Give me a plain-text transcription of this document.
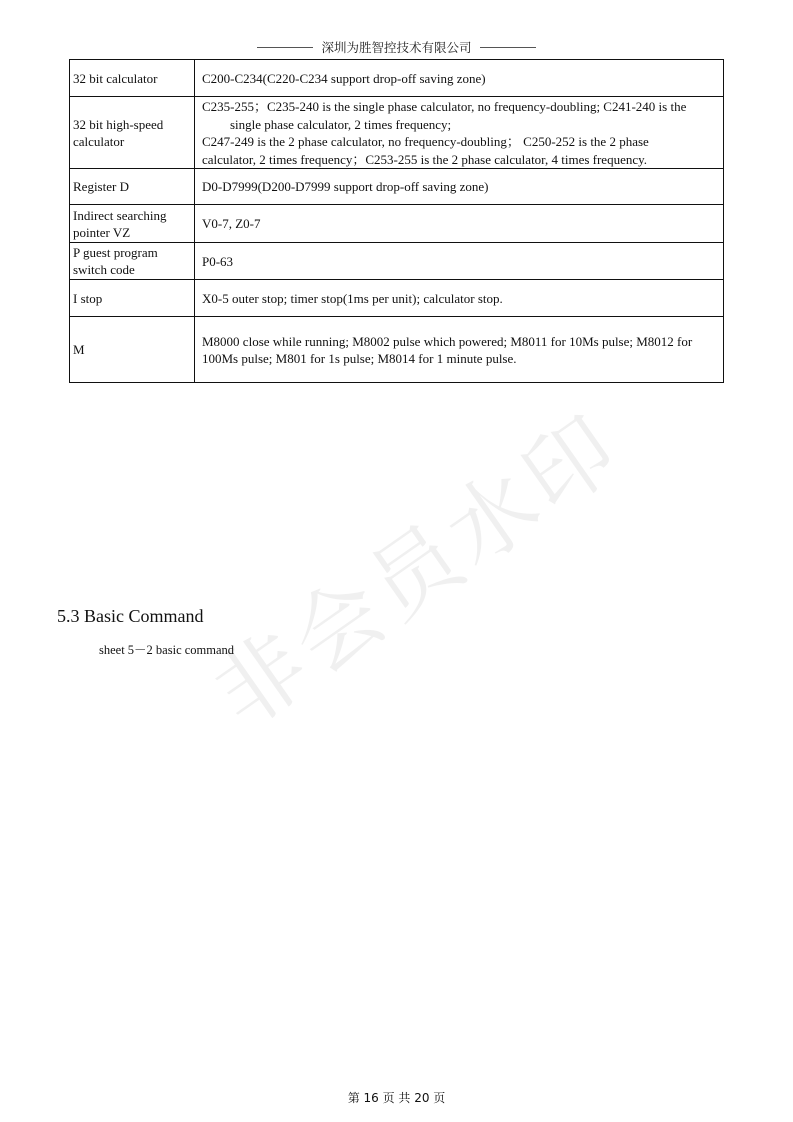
深圳为胜智控技术有限公司
32 bit calculator	C200-C234(C220-C234 support drop-off saving zone)
32 bit high-speed calculator	C235-255；C235-240 is the single phase calculator, no frequency-doubling; C241-240 is the
single phase calculator, 2 times frequency;
C247-249 is the 2 phase calculator, no frequency-doubling； C250-252 is the 2 phase
calculator, 2 times frequency；C253-255 is the 2 phase calculator, 4 times frequency.
Register D	D0-D7999(D200-D7999 support drop-off saving zone)
Indirect searching pointer VZ	V0-7, Z0-7
P guest program switch code	P0-63
I stop	X0-5 outer stop; timer stop(1ms per unit); calculator stop.
M	M8000 close while running; M8002 pulse which powered; M8011 for 10Ms pulse; M8012 for 100Ms pulse; M801 for 1s pulse; M8014 for 1 minute pulse.
非会员水印
5.3 Basic Command
sheet 5－2 basic command
第 16 页 共 20 页
